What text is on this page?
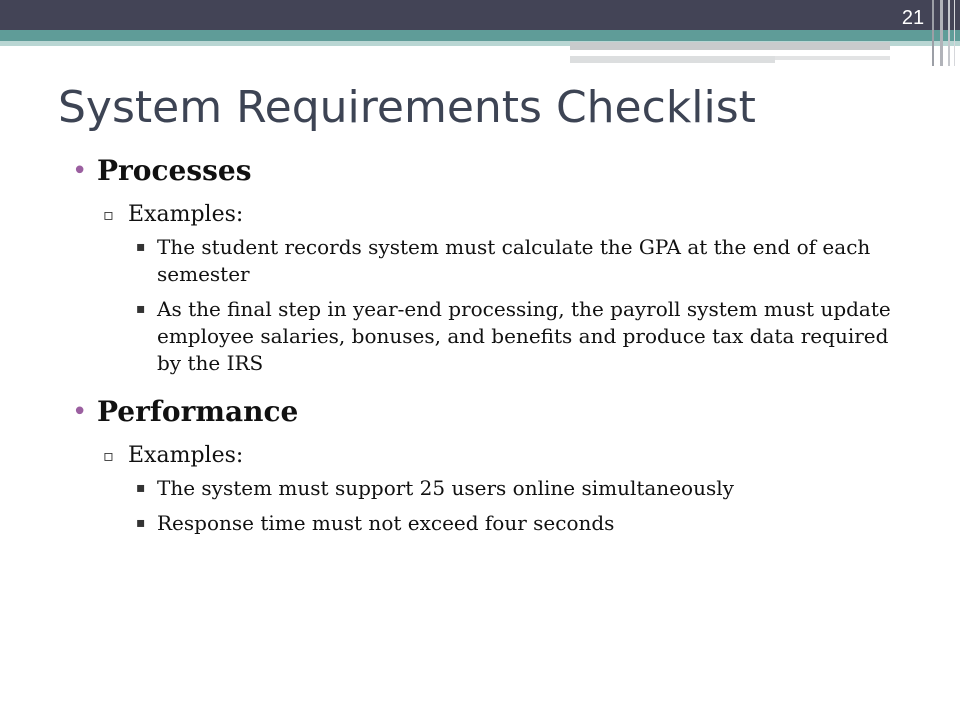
21
System Requirements Checklist

• Processes

▫ Examples:

▪ The student records system must calculate the GPA at the end of each semester

▪ As the final step in year-end processing, the payroll system must update employee salaries, bonuses, and benefits and produce tax data required by the IRS

• Performance

▫ Examples:

▪ The system must support 25 users online simultaneously

▪ Response time must not exceed four seconds
